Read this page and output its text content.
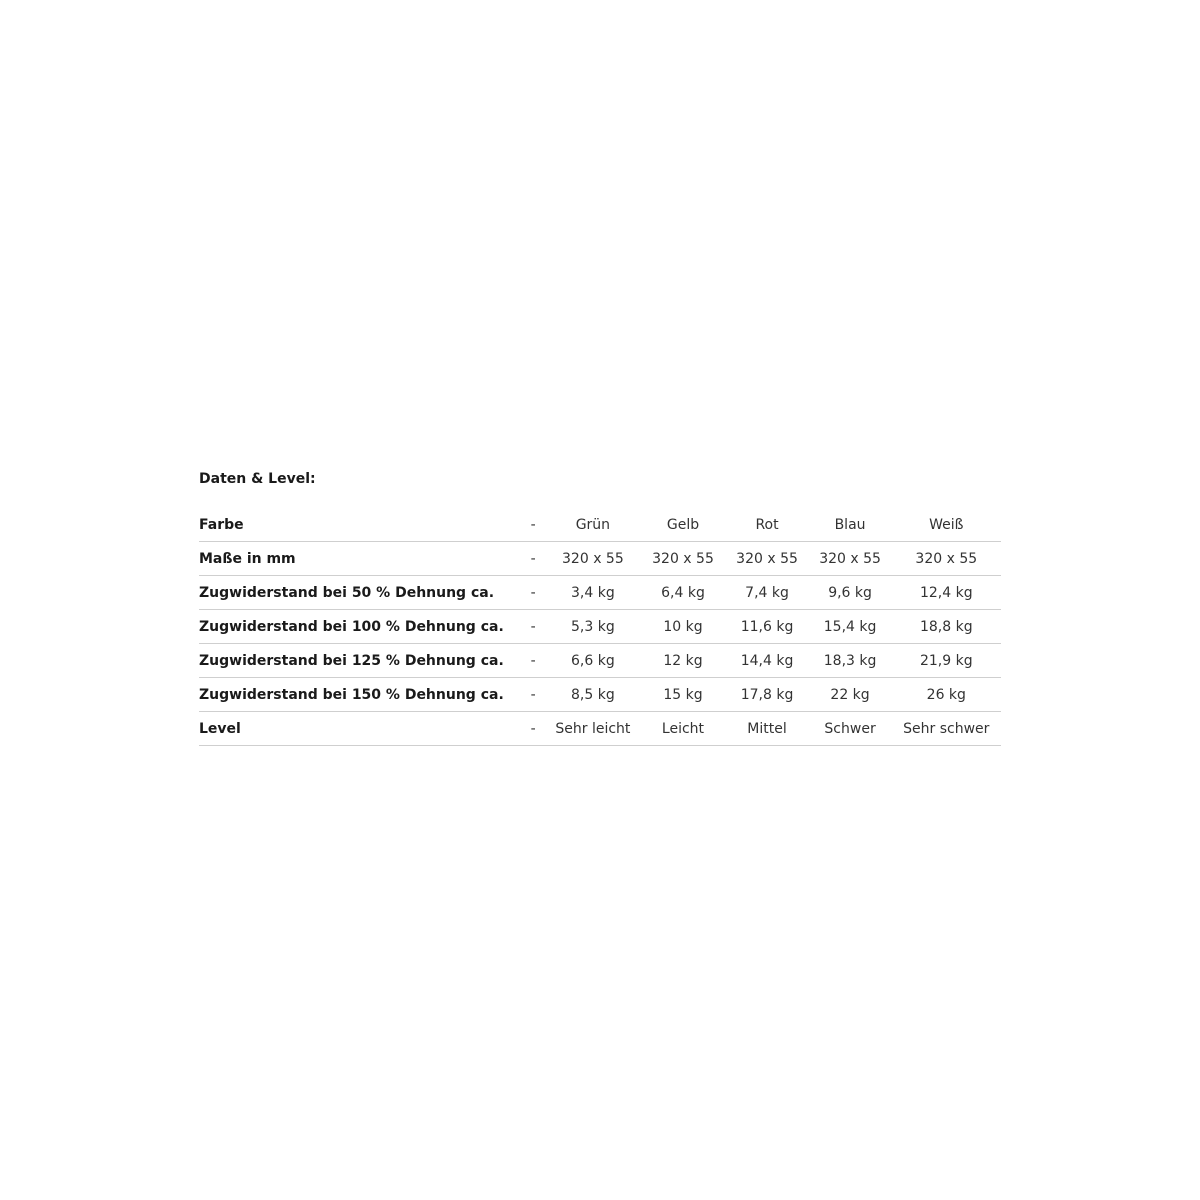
Daten & Level:
Farbe	-	Grün	Gelb	Rot	Blau	Weiß
Maße in mm	-	320 x 55	320 x 55	320 x 55	320 x 55	320 x 55
Zugwiderstand bei 50 % Dehnung ca.	-	3,4 kg	6,4 kg	7,4 kg	9,6 kg	12,4 kg
Zugwiderstand bei 100 % Dehnung ca.	-	5,3 kg	10 kg	11,6 kg	15,4 kg	18,8 kg
Zugwiderstand bei 125 % Dehnung ca.	-	6,6 kg	12 kg	14,4 kg	18,3 kg	21,9 kg
Zugwiderstand bei 150 % Dehnung ca.	-	8,5 kg	15 kg	17,8 kg	22 kg	26 kg
Level	-	Sehr leicht	Leicht	Mittel	Schwer	Sehr schwer
